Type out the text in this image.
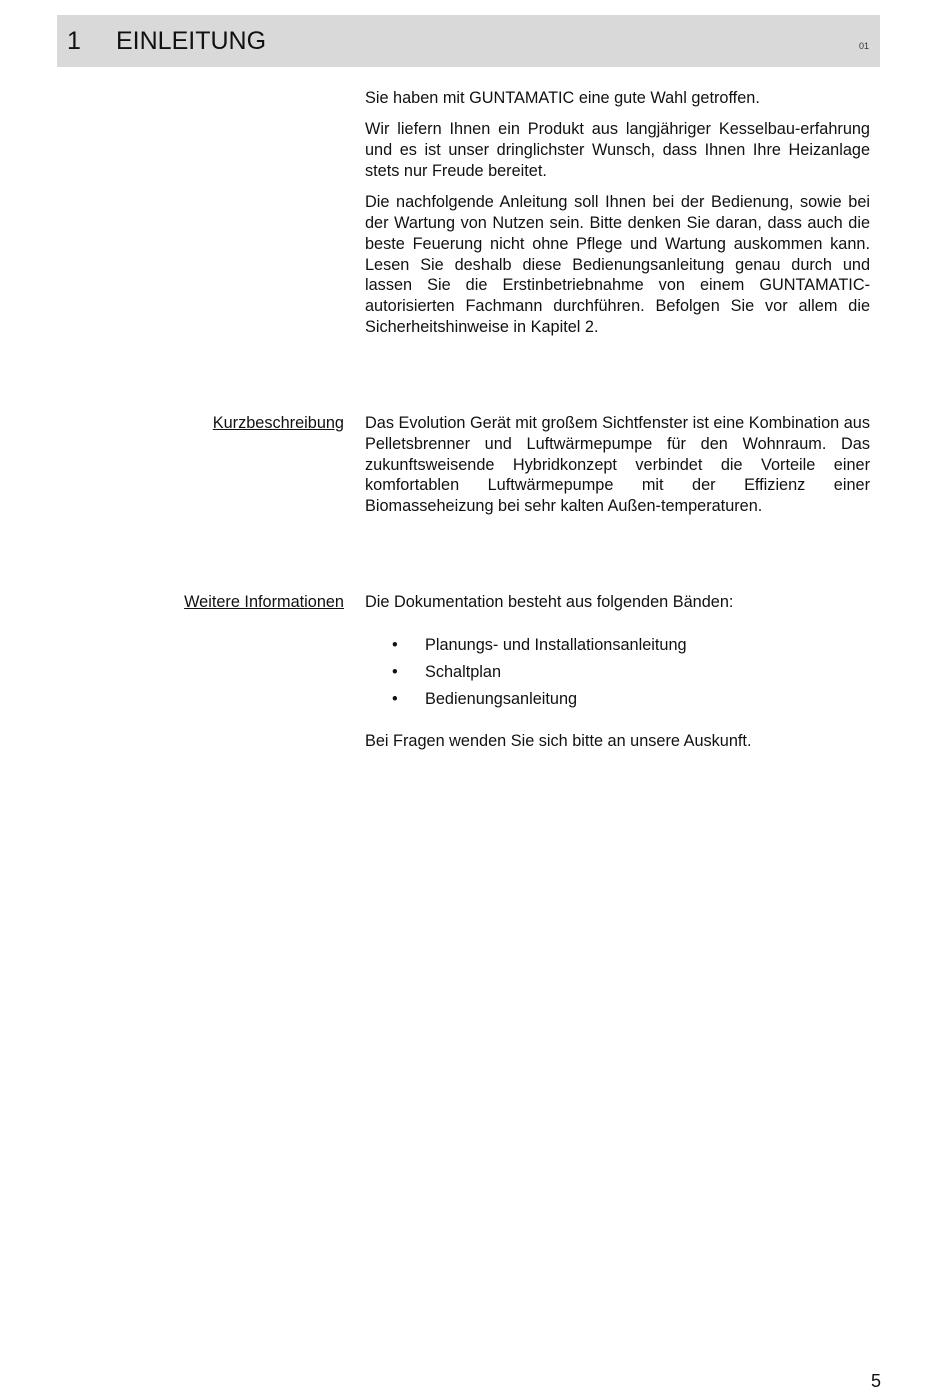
1 EINLEITUNG	01

Sie haben mit GUNTAMATIC eine gute Wahl getroffen.

Wir liefern Ihnen ein Produkt aus langjähriger Kesselbau-erfahrung und es ist unser dringlichster Wunsch, dass Ihnen Ihre Heizanlage stets nur Freude bereitet.

Die nachfolgende Anleitung soll Ihnen bei der Bedienung, sowie bei der Wartung von Nutzen sein. Bitte denken Sie daran, dass auch die beste Feuerung nicht ohne Pflege und Wartung auskommen kann. Lesen Sie deshalb diese Bedienungsanleitung genau durch und lassen Sie die Erstinbetriebnahme von einem GUNTAMATIC-autorisierten Fachmann durchführen. Befolgen Sie vor allem die Sicherheitshinweise in Kapitel 2.

Kurzbeschreibung Das Evolution Gerät mit großem Sichtfenster ist eine Kombination aus Pelletsbrenner und Luftwärmepumpe für den Wohnraum. Das zukunftsweisende Hybridkonzept verbindet die Vorteile einer komfortablen Luftwärmepumpe mit der Effizienz einer Biomasseheizung bei sehr kalten Außen-temperaturen.

Weitere Informationen Die Dokumentation besteht aus folgenden Bänden:

• Planungs- und Installationsanleitung
• Schaltplan
• Bedienungsanleitung

Bei Fragen wenden Sie sich bitte an unsere Auskunft.

5
